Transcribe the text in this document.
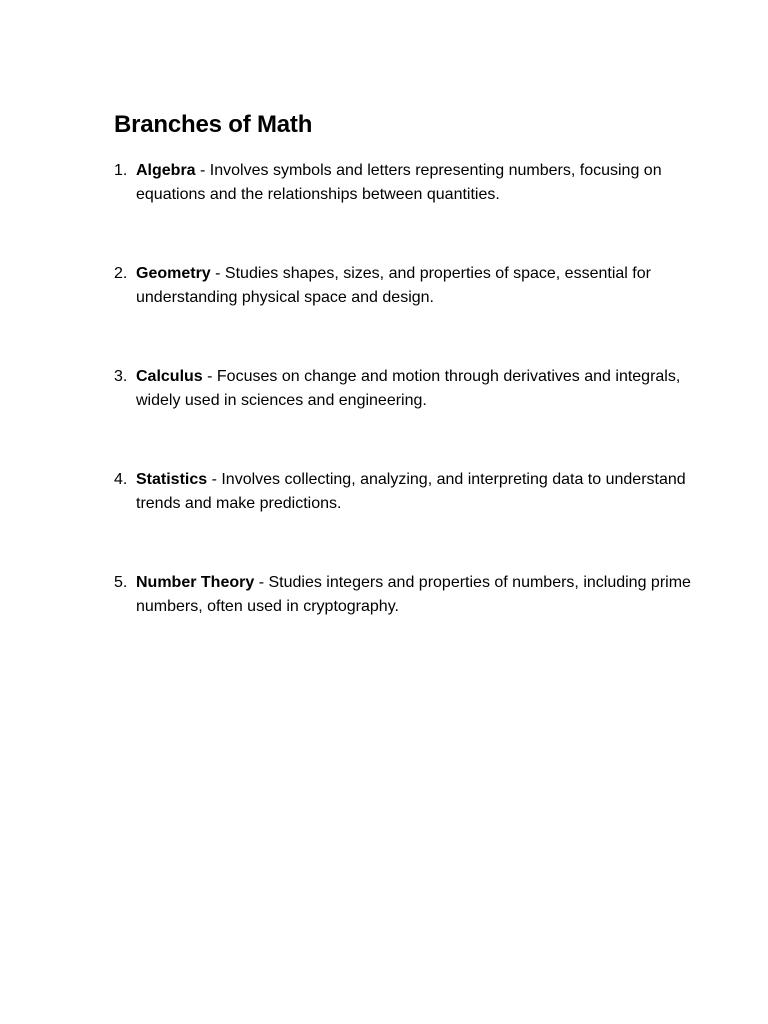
Branches of Math
1. Algebra - Involves symbols and letters representing numbers, focusing on equations and the relationships between quantities.
2. Geometry - Studies shapes, sizes, and properties of space, essential for understanding physical space and design.
3. Calculus - Focuses on change and motion through derivatives and integrals, widely used in sciences and engineering.
4. Statistics - Involves collecting, analyzing, and interpreting data to understand trends and make predictions.
5. Number Theory - Studies integers and properties of numbers, including prime numbers, often used in cryptography.
